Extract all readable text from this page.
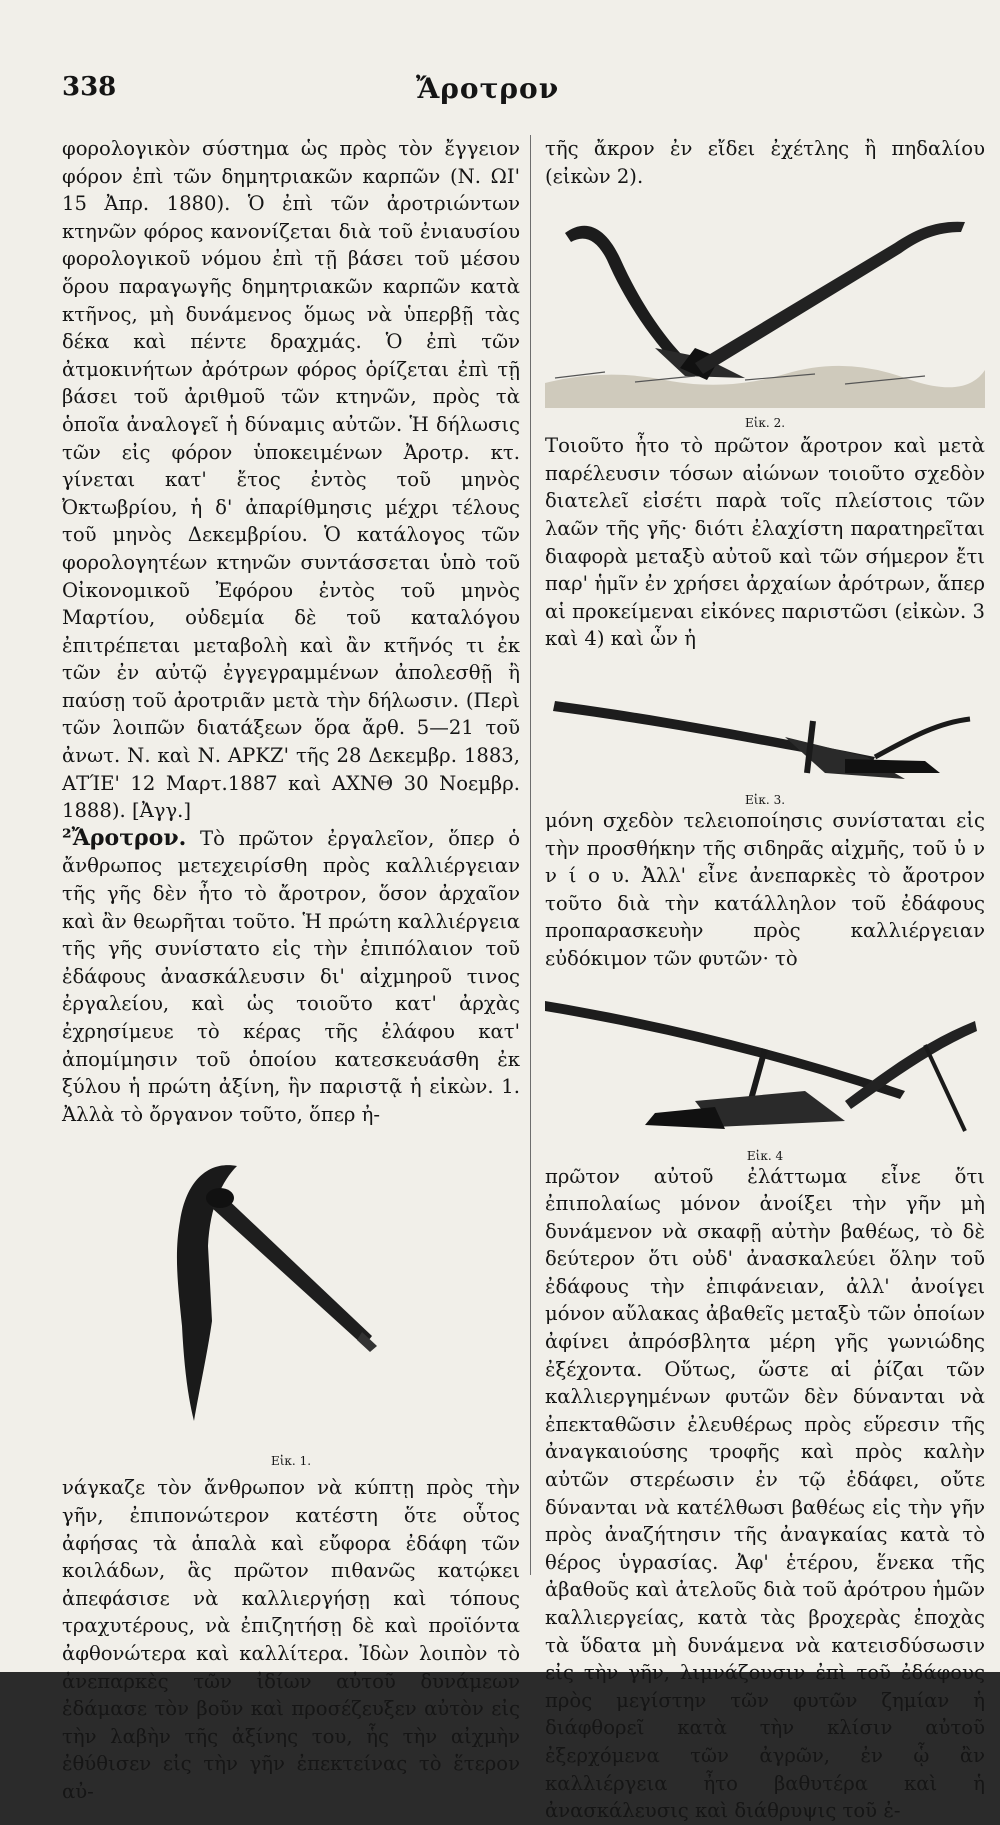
338	Ἄροτρον

φορολογικὸν σύστημα ὡς πρὸς τὸν ἔγγειον φόρον ἐπὶ τῶν δημητριακῶν καρπῶν (Ν. ΩΙ' 15 Ἀπρ. 1880). Ὁ ἐπὶ τῶν ἀροτριώντων κτηνῶν φόρος κανονίζεται διὰ τοῦ ἐνιαυσίου φορολογικοῦ νόμου ἐπὶ τῇ βάσει τοῦ μέσου ὅρου παραγωγῆς δημητριακῶν καρπῶν κατὰ κτῆνος, μὴ δυνάμενος ὅμως νὰ ὑπερβῇ τὰς δέκα καὶ πέντε δραχμάς. Ὁ ἐπὶ τῶν ἀτμοκινήτων ἀρότρων φόρος ὁρίζεται ἐπὶ τῇ βάσει τοῦ ἀριθμοῦ τῶν κτηνῶν, πρὸς τὰ ὁποῖα ἀναλογεῖ ἡ δύναμις αὐτῶν. Ἡ δήλωσις τῶν εἰς φόρον ὑποκειμένων Ἀροτρ. κτ. γίνεται κατ' ἔτος ἐντὸς τοῦ μηνὸς Ὀκτωβρίου, ἡ δ' ἀπαρίθμησις μέχρι τέλους τοῦ μηνὸς Δεκεμβρίου. Ὁ κατάλογος τῶν φορολογητέων κτηνῶν συντάσσεται ὑπὸ τοῦ Οἰκονομικοῦ Ἐφόρου ἐντὸς τοῦ μηνὸς Μαρτίου, οὐδεμία δὲ τοῦ καταλόγου ἐπιτρέπεται μεταβολὴ καὶ ἂν κτῆνός τι ἐκ τῶν ἐν αὐτῷ ἐγγεγραμμένων ἀπολεσθῇ ἢ παύσῃ τοῦ ἀροτριᾶν μετὰ τὴν δήλωσιν. (Περὶ τῶν λοιπῶν διατάξεων ὅρα ἄρθ. 5—21 τοῦ ἀνωτ. Ν. καὶ Ν. ΑΡΚΖ' τῆς 28 Δεκεμβρ. 1883, ΑΤΊΕ' 12 Μαρτ.1887 καὶ ΑΧΝΘ 30 Νοεμβρ. 1888). [Ἀγγ.]

²Ἄροτρον. Τὸ πρῶτον ἐργαλεῖον, ὅπερ ὁ ἄνθρωπος μετεχειρίσθη πρὸς καλλιέργειαν τῆς γῆς δὲν ἦτο τὸ ἄροτρον, ὅσον ἀρχαῖον καὶ ἂν θεωρῆται τοῦτο. Ἡ πρώτη καλλιέργεια τῆς γῆς συνίστατο εἰς τὴν ἐπιπόλαιον τοῦ ἐδάφους ἀνασκάλευσιν δι' αἰχμηροῦ τινος ἐργαλείου, καὶ ὡς τοιοῦτο κατ' ἀρχὰς ἐχρησίμευε τὸ κέρας τῆς ἐλάφου κατ' ἀπομίμησιν τοῦ ὁποίου κατεσκευάσθη ἐκ ξύλου ἡ πρώτη ἀξίνη, ἣν παριστᾷ ἡ εἰκὼν. 1. Ἀλλὰ τὸ ὄργανον τοῦτο, ὅπερ ἠ-

Εἰκ. 1.

νάγκαζε τὸν ἄνθρωπον νὰ κύπτῃ πρὸς τὴν γῆν, ἐπιπονώτερον κατέστη ὅτε οὗτος ἀφήσας τὰ ἁπαλὰ καὶ εὔφορα ἐδάφη τῶν κοιλάδων, ἃς πρῶτον πιθανῶς κατῴκει ἀπεφάσισε νὰ καλλιεργήσῃ καὶ τόπους τραχυτέρους, νὰ ἐπιζητήσῃ δὲ καὶ προϊόντα ἀφθονώτερα καὶ καλλίτερα. Ἰδὼν λοιπὸν τὸ ἀνεπαρκὲς τῶν ἰδίων αὐτοῦ δυνάμεων ἐδάμασε τὸν βοῦν καὶ προσέζευξεν αὐτὸν εἰς τὴν λαβὴν τῆς ἀξίνης του, ἧς τὴν αἰχμὴν ἐθύθισεν εἰς τὴν γῆν ἐπεκτείνας τὸ ἕτερον αὐ-

τῆς ἄκρον ἐν εἴδει ἐχέτλης ἢ πηδαλίου (εἰκὼν 2).

Εἰκ. 2.

Τοιοῦτο ἦτο τὸ πρῶτον ἄροτρον καὶ μετὰ παρέλευσιν τόσων αἰώνων τοιοῦτο σχεδὸν διατελεῖ εἰσέτι παρὰ τοῖς πλείστοις τῶν λαῶν τῆς γῆς· διότι ἐλαχίστη παρατηρεῖται διαφορὰ μεταξὺ αὐτοῦ καὶ τῶν σήμερον ἔτι παρ' ἡμῖν ἐν χρήσει ἀρχαίων ἀρότρων, ἅπερ αἱ προκείμεναι εἰκόνες παριστῶσι (εἰκὼν. 3 καὶ 4) καὶ ὧν ἡ

Εἰκ. 3.

μόνη σχεδὸν τελειοποίησις συνίσταται εἰς τὴν προσθήκην τῆς σιδηρᾶς αἰχμῆς, τοῦ ὑ ν ν ί ο υ. Ἀλλ' εἶνε ἀνεπαρκὲς τὸ ἄροτρον τοῦτο διὰ τὴν κατάλληλον τοῦ ἐδάφους προπαρασκευὴν πρὸς καλλιέργειαν εὐδόκιμον τῶν φυτῶν· τὸ

Εἰκ. 4

πρῶτον αὐτοῦ ἐλάττωμα εἶνε ὅτι ἐπιπολαίως μόνον ἀνοίξει τὴν γῆν μὴ δυνάμενον νὰ σκαφῇ αὐτὴν βαθέως, τὸ δὲ δεύτερον ὅτι οὐδ' ἀνασκαλεύει ὅλην τοῦ ἐδάφους τὴν ἐπιφάνειαν, ἀλλ' ἀνοίγει μόνον αὔλακας ἀβαθεῖς μεταξὺ τῶν ὁποίων ἀφίνει ἀπρόσβλητα μέρη γῆς γωνιώδης ἐξέχοντα. Οὕτως, ὥστε αἱ ῥίζαι τῶν καλλιεργημένων φυτῶν δὲν δύνανται νὰ ἐπεκταθῶσιν ἐλευθέρως πρὸς εὕρεσιν τῆς ἀναγκαιούσης τροφῆς καὶ πρὸς καλὴν αὐτῶν στερέωσιν ἐν τῷ ἐδάφει, οὔτε δύνανται νὰ κατέλθωσι βαθέως εἰς τὴν γῆν πρὸς ἀναζήτησιν τῆς ἀναγκαίας κατὰ τὸ θέρος ὑγρασίας. Ἀφ' ἑτέρου, ἕνεκα τῆς ἀβαθοῦς καὶ ἀτελοῦς διὰ τοῦ ἀρότρου ἡμῶν καλλιεργείας, κατὰ τὰς βροχερὰς ἐποχὰς τὰ ὕδατα μὴ δυνάμενα νὰ κατεισδύσωσιν εἰς τὴν γῆν, λιμνάζουσιν ἐπὶ τοῦ ἐδάφους πρὸς μεγίστην τῶν φυτῶν ζημίαν ἡ διάφθορεῖ κατὰ τὴν κλίσιν αὐτοῦ ἐξερχόμενα τῶν ἀγρῶν, ἐν ᾧ ἂν καλλιέργεια ἦτο βαθυτέρα καὶ ἡ ἀνασκάλευσις καὶ διάθρυψις τοῦ ἐ-
